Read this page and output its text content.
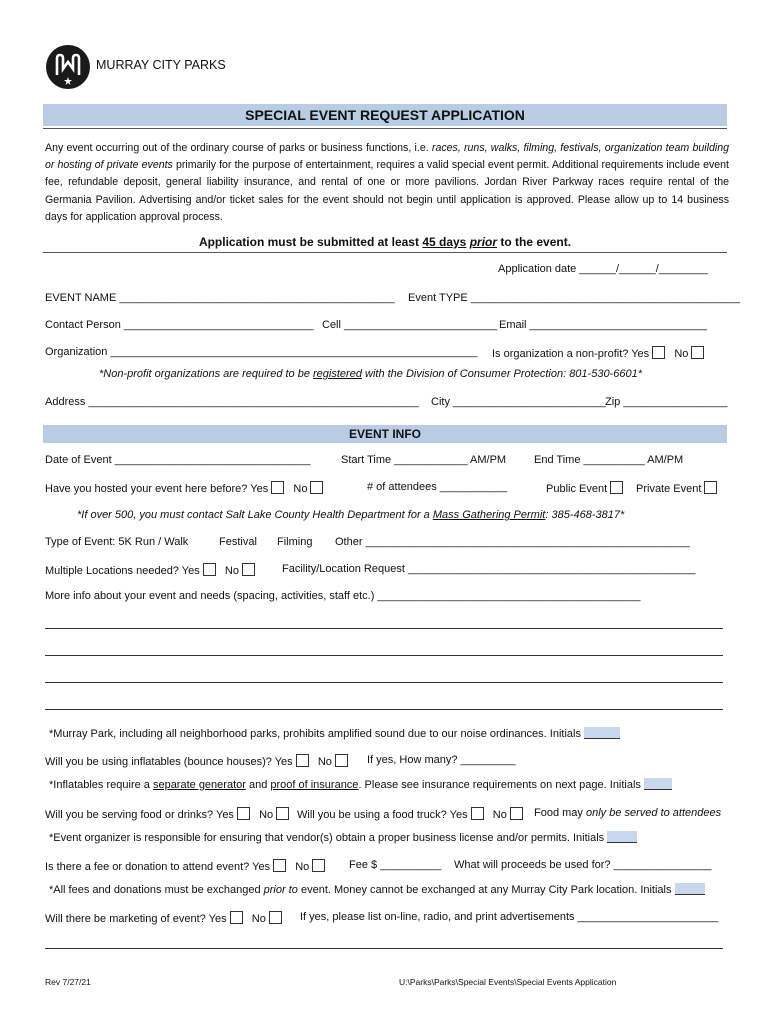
MURRAY CITY PARKS
SPECIAL EVENT REQUEST APPLICATION
Any event occurring out of the ordinary course of parks or business functions, i.e. races, runs, walks, filming, festivals, organization team building or hosting of private events primarily for the purpose of entertainment, requires a valid special event permit. Additional requirements include event fee, refundable deposit, general liability insurance, and rental of one or more pavilions. Jordan River Parkway races require rental of the Germania Pavilion. Advertising and/or ticket sales for the event should not begin until application is approved. Please allow up to 14 business days for application approval process.
Application must be submitted at least 45 days prior to the event.
Application date ______/______/________
EVENT NAME _____________________________________________ Event TYPE ____________________________________________
Contact Person _______________________________ Cell _________________________ Email _____________________________
Organization ____________________________________________________________ Is organization a non-profit? Yes No
*Non-profit organizations are required to be registered with the Division of Consumer Protection: 801-530-6601*
Address ______________________________________________________ City _________________________ Zip _________________
EVENT INFO
Date of Event ________________________________	Start Time ____________ AM/PM	End Time __________ AM/PM
Have you hosted your event here before? Yes No	# of attendees ___________	Public Event	Private Event
*If over 500, you must contact Salt Lake County Health Department for a Mass Gathering Permit: 385-468-3817*
Type of Event: 5K Run / Walk	Festival Filming Other _____________________________________________________
Multiple Locations needed? Yes No	Facility/Location Request _______________________________________________
More info about your event and needs (spacing, activities, staff etc.) ___________________________________________
*Murray Park, including all neighborhood parks, prohibits amplified sound due to our noise ordinances. Initials
Will you be using inflatables (bounce houses)? Yes No	If yes, How many? _________
*Inflatables require a separate generator and proof of insurance. Please see insurance requirements on next page. Initials
Will you be serving food or drinks? Yes No	Will you be using a food truck? Yes No	Food may only be served to attendees
*Event organizer is responsible for ensuring that vendor(s) obtain a proper business license and/or permits. Initials
Is there a fee or donation to attend event? Yes No	Fee $ __________ What will proceeds be used for? ________________
*All fees and donations must be exchanged prior to event. Money cannot be exchanged at any Murray City Park location. Initials
Will there be marketing of event? Yes No	If yes, please list on-line, radio, and print advertisements _______________________
Rev 7/27/21	U:\Parks\Parks\Special Events\Special Events Application
